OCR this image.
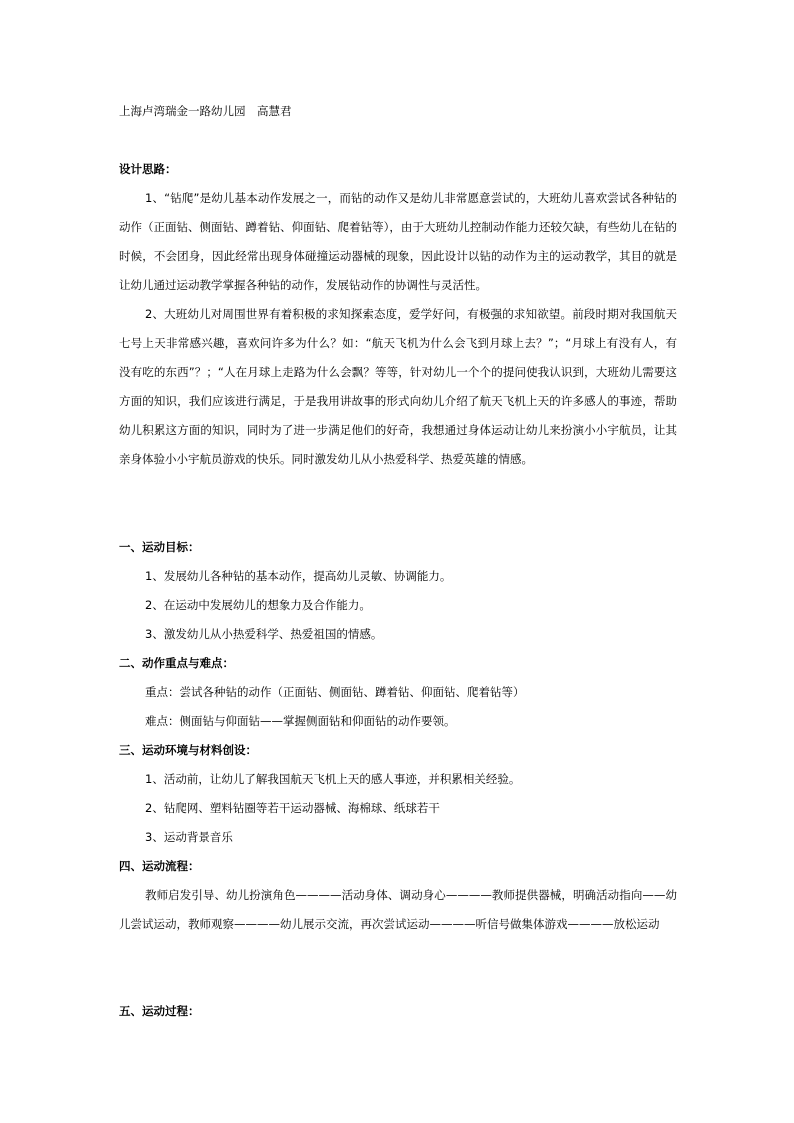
上海卢湾瑞金一路幼儿园　高慧君
设计思路：
1、“钻爬”是幼儿基本动作发展之一，而钻的动作又是幼儿非常愿意尝试的，大班幼儿喜欢尝试各种钻的动作（正面钻、侧面钻、蹲着钻、仰面钻、爬着钻等），由于大班幼儿控制动作能力还较欠缺，有些幼儿在钻的时候，不会团身，因此经常出现身体碰撞运动器械的现象，因此设计以钻的动作为主的运动教学，其目的就是让幼儿通过运动教学掌握各种钻的动作，发展钻动作的协调性与灵活性。
2、大班幼儿对周围世界有着积极的求知探索态度，爱学好问，有极强的求知欲望。前段时期对我国航天七号上天非常感兴趣，喜欢问许多为什么？如：“航天飞机为什么会飞到月球上去？”；“月球上有没有人，有没有吃的东西”？；“人在月球上走路为什么会飘？等等，针对幼儿一个个的提问使我认识到，大班幼儿需要这方面的知识，我们应该进行满足，于是我用讲故事的形式向幼儿介绍了航天飞机上天的许多感人的事迹，帮助幼儿积累这方面的知识，同时为了进一步满足他们的好奇，我想通过身体运动让幼儿来扮演小小宇航员，让其亲身体验小小宇航员游戏的快乐。同时激发幼儿从小热爱科学、热爱英雄的情感。
一、运动目标：
1、发展幼儿各种钻的基本动作，提高幼儿灵敏、协调能力。
2、在运动中发展幼儿的想象力及合作能力。
3、激发幼儿从小热爱科学、热爱祖国的情感。
二、动作重点与难点：
重点：尝试各种钻的动作（正面钻、侧面钻、蹲着钻、仰面钻、爬着钻等）
难点：侧面钻与仰面钻——掌握侧面钻和仰面钻的动作要领。
三、运动环境与材料创设：
1、活动前，让幼儿了解我国航天飞机上天的感人事迹，并积累相关经验。
2、钻爬网、塑料钻圈等若干运动器械、海棉球、纸球若干
3、运动背景音乐
四、运动流程：
教师启发引导、幼儿扮演角色————活动身体、调动身心————教师提供器械，明确活动指向——幼儿尝试运动，教师观察————幼儿展示交流，再次尝试运动————听信号做集体游戏————放松运动
五、运动过程：
